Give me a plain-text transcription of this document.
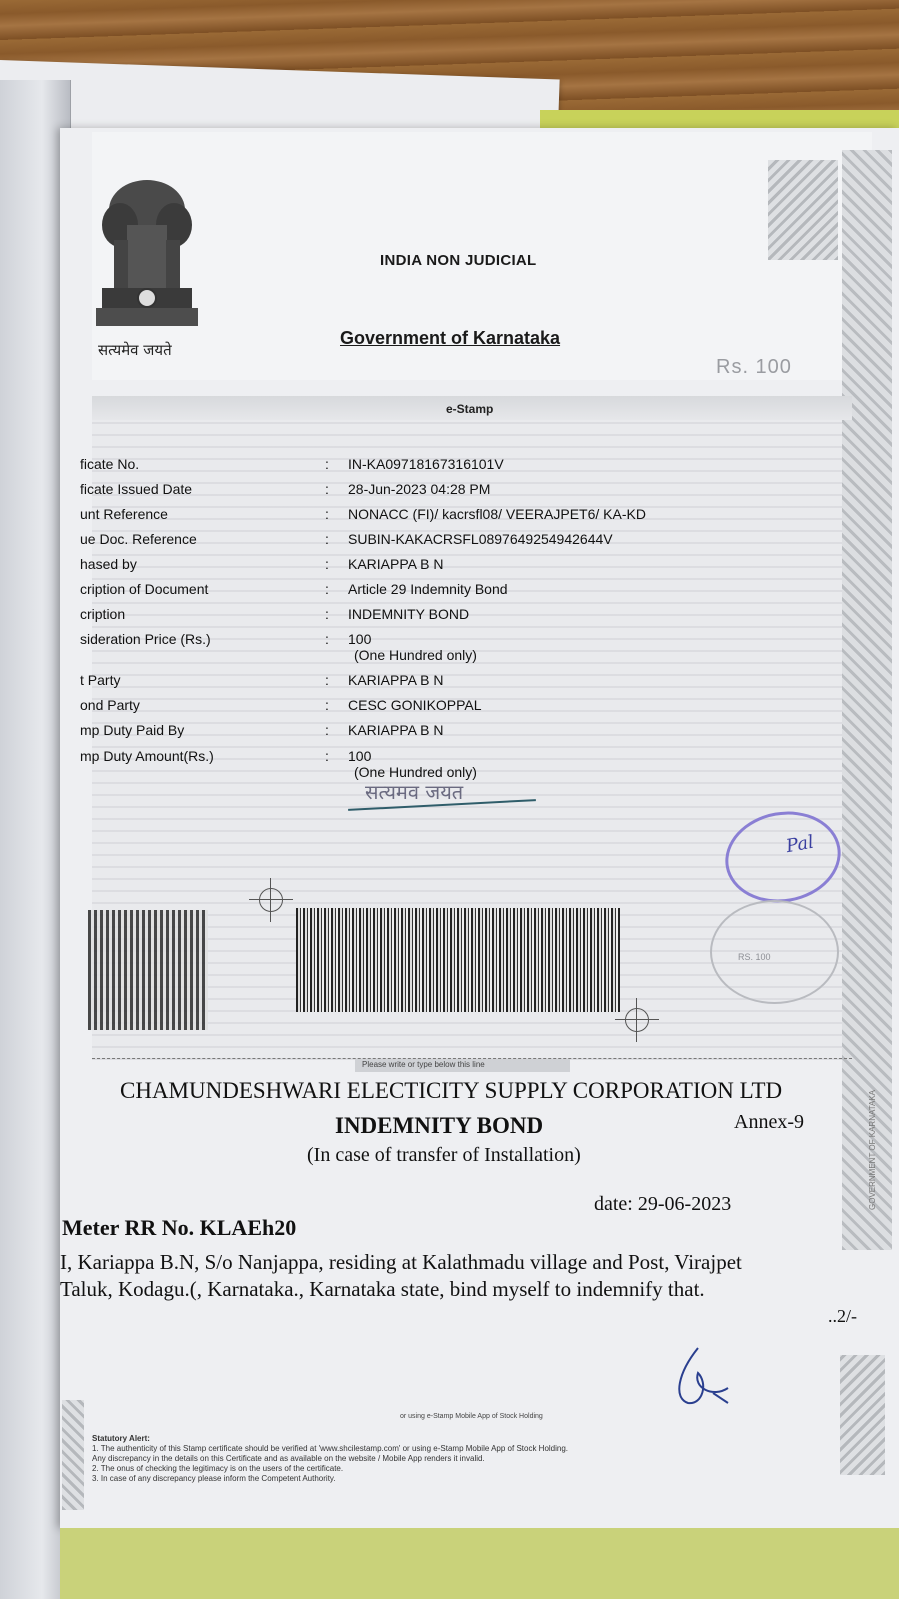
GOVERNMENT OF KARNATAKA
सत्यमेव जयते
INDIA NON JUDICIAL
Government of Karnataka
Rs. 100
e-Stamp
ficate No.	: IN-KA09718167316101V
ficate Issued Date	: 28-Jun-2023 04:28 PM
unt Reference	: NONACC (FI)/ kacrsfl08/ VEERAJPET6/ KA-KD
ue Doc. Reference	: SUBIN-KAKACRSFL0897649254942644V
hased by	: KARIAPPA B N
cription of Document	: Article 29 Indemnity Bond
cription	: INDEMNITY BOND
sideration Price (Rs.)	: 100
(One Hundred only)
t Party	: KARIAPPA B N
ond Party	: CESC GONIKOPPAL
mp Duty Paid By	: KARIAPPA B N
mp Duty Amount(Rs.)	: 100
(One Hundred only)
सत्यमव जयत
Pal
RS. 100
Please write or type below this line
CHAMUNDESHWARI ELECTICITY SUPPLY CORPORATION LTD
INDEMNITY BOND	Annex-9
(In case of transfer of Installation)
date: 29-06-2023
Meter RR No. KLAEh20
I, Kariappa B.N, S/o Nanjappa, residing at Kalathmadu village and Post, Virajpet
Taluk, Kodagu.(, Karnataka., Karnataka state, bind myself to indemnify that.
..2/-
or using e-Stamp Mobile App of Stock Holding
Statutory Alert:
1. The authenticity of this Stamp certificate should be verified at 'www.shcilestamp.com' or using e-Stamp Mobile App of Stock Holding.
Any discrepancy in the details on this Certificate and as available on the website / Mobile App renders it invalid.
2. The onus of checking the legitimacy is on the users of the certificate.
3. In case of any discrepancy please inform the Competent Authority.
